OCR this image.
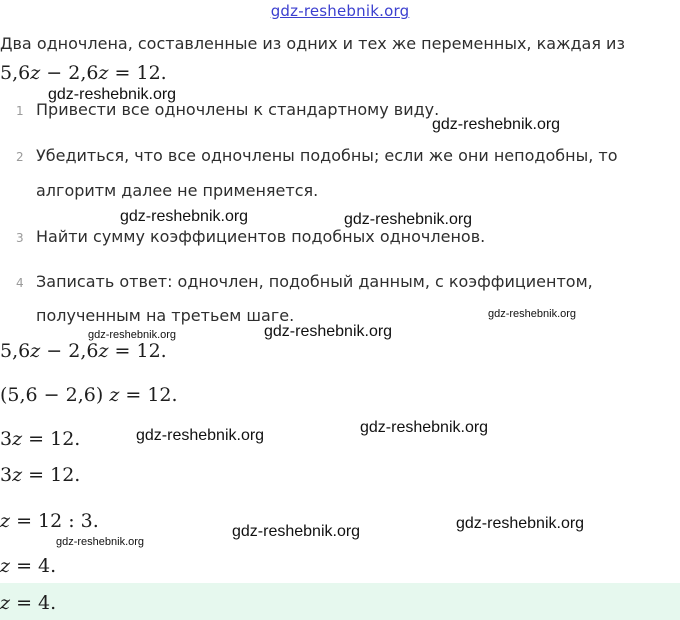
gdz-reshebnik.org
Два одночлена, составленные из одних и тех же переменных, каждая из
5,6z − 2,6z = 12.
1 Привести все одночлены к стандартному виду.
2 Убедиться, что все одночлены подобны; если же они неподобны, то
алгоритм далее не применяется.
3 Найти сумму коэффициентов подобных одночленов.
4 Записать ответ: одночлен, подобный данным, с коэффициентом,
полученным на третьем шаге.
5,6z − 2,6z = 12.
(5,6 − 2,6) z = 12.
3z = 12.
3z = 12.
z = 12 : 3.
z = 4.
z = 4.
gdz-reshebnik.org
gdz-reshebnik.org
gdz-reshebnik.org	gdz-reshebnik.org
gdz-reshebnik.org
gdz-reshebnik.org	gdz-reshebnik.org
gdz-reshebnik.org	gdz-reshebnik.org
gdz-reshebnik.org
gdz-reshebnik.org
gdz-reshebnik.org
